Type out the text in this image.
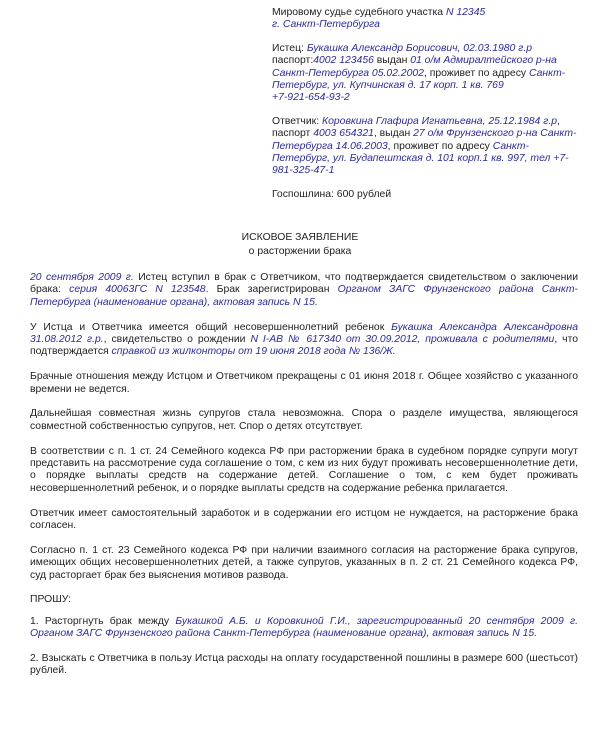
Мировому судье судебного участка N 12345

г. Санкт-Петербурга

Истец: Букашка Александр Борисович, 02.03.1980 г.р
паспорт:4002 123456 выдан 01 о/м Адмиралтейского р-на Санкт-Петербурга 05.02.2002, проживет по адресу Санкт-Петербург, ул. Купчинская д. 17 корп. 1 кв. 769
+7-921-654-93-2

Ответчик: Коровкина Глафира Игнатьевна, 25.12.1984 г.р, паспорт 4003 654321, выдан 27 о/м Фрунзенского р-на Санкт-Петербурга 14.06.2003, проживет по адресу Санкт-Петербург, ул. Будапештская д. 101 корп.1 кв. 997, тел +7-981-325-47-1

Госпошлина: 600 рублей

ИСКОВОЕ ЗАЯВЛЕНИЕ
о расторжении брака

20 сентября 2009 г. Истец вступил в брак с Ответчиком, что подтверждается свидетельством о заключении брака: серия 40063ГС N 123548. Брак зарегистрирован Органом ЗАГС Фрунзенского района Санкт-Петербурга (наименование органа), актовая запись N 15.

У Истца и Ответчика имеется общий несовершеннолетний ребенок Букашка Александра Александровна 31.08.2012 г.р., свидетельство о рождении N I-АВ № 617340 от 30.09.2012, проживала с родителями, что подтверждается справкой из жилконторы от 19 июня 2018 года № 136/Ж.

Брачные отношения между Истцом и Ответчиком прекращены с 01 июня 2018 г. Общее хозяйство с указанного времени не ведется.

Дальнейшая совместная жизнь супругов стала невозможна. Спора о разделе имущества, являющегося совместной собственностью супругов, нет. Спор о детях отсутствует.

В соответствии с п. 1 ст. 24 Семейного кодекса РФ при расторжении брака в судебном порядке супруги могут представить на рассмотрение суда соглашение о том, с кем из них будут проживать несовершеннолетние дети, о порядке выплаты средств на содержание детей. Соглашение о том, с кем будет проживать несовершеннолетний ребенок, и о порядке выплаты средств на содержание ребенка прилагается.

Ответчик имеет самостоятельный заработок и в содержании его истцом не нуждается, на расторжение брака согласен.

Согласно п. 1 ст. 23 Семейного кодекса РФ при наличии взаимного согласия на расторжение брака супругов, имеющих общих несовершеннолетних детей, а также супругов, указанных в п. 2 ст. 21 Семейного кодекса РФ, суд расторгает брак без выяснения мотивов развода.

ПРОШУ:

1. Расторгнуть брак между Букашкой А.Б. и Коровкиной Г.И., зарегистрированный 20 сентября 2009 г. Органом ЗАГС Фрунзенского района Санкт-Петербурга (наименование органа), актовая запись N 15.

2. Взыскать с Ответчика в пользу Истца расходы на оплату государственной пошлины в размере 600 (шестьсот) рублей.
